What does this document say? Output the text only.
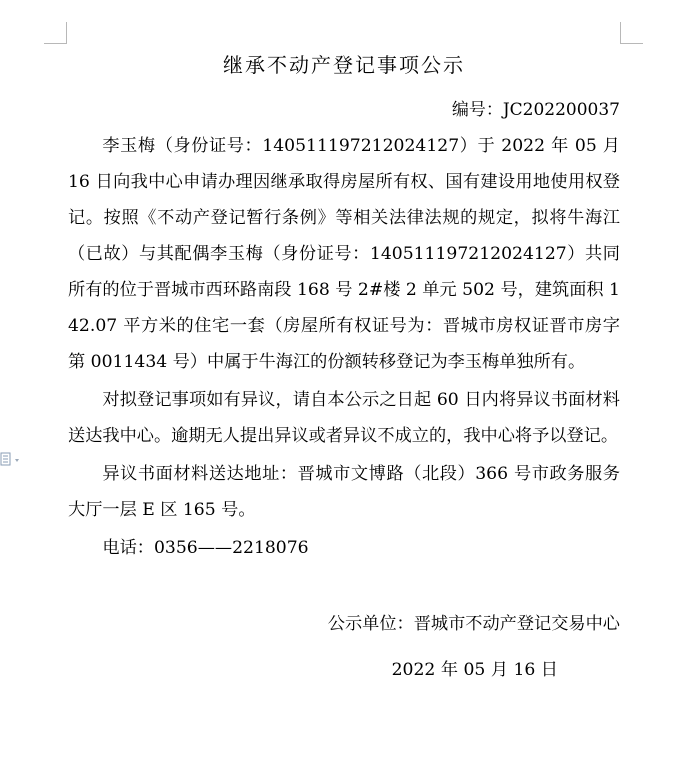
继承不动产登记事项公示
编号：JC202200037

李玉梅（身份证号：140511197212024127）于 2022 年 05 月 16 日向我中心申请办理因继承取得房屋所有权、国有建设用地使用权登记。按照《不动产登记暂行条例》等相关法律法规的规定，拟将牛海江（已故）与其配偶李玉梅（身份证号：140511197212024127）共同所有的位于晋城市西环路南段 168 号 2#楼 2 单元 502 号，建筑面积 142.07 平方米的住宅一套（房屋所有权证号为：晋城市房权证晋市房字第 0011434 号）中属于牛海江的份额转移登记为李玉梅单独所有。

对拟登记事项如有异议，请自本公示之日起 60 日内将异议书面材料送达我中心。逾期无人提出异议或者异议不成立的，我中心将予以登记。

异议书面材料送达地址：晋城市文博路（北段）366 号市政务服务大厅一层 E 区 165 号。

电话：0356——2218076

公示单位：晋城市不动产登记交易中心
2022 年 05 月 16 日
